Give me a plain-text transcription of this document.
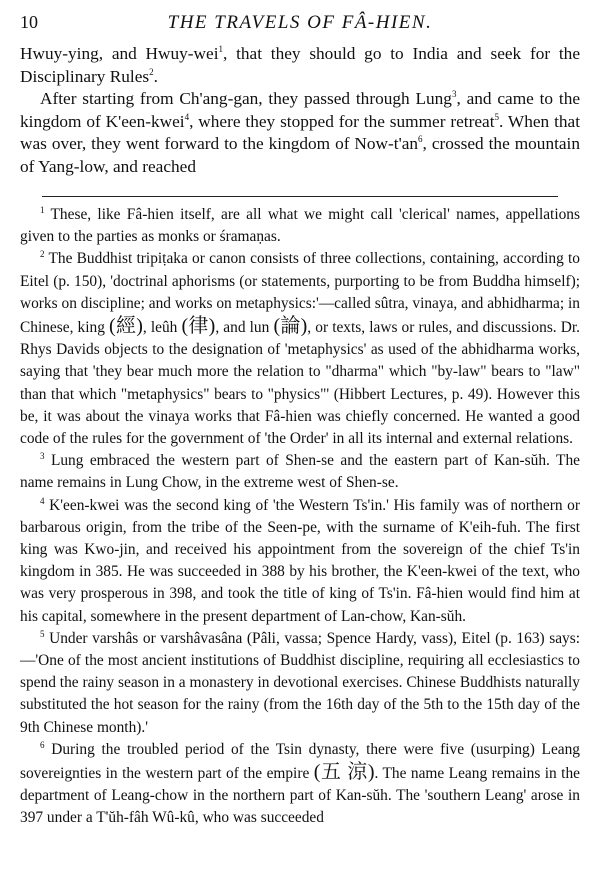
10	THE TRAVELS OF FÂ-HIEN.

Hwuy-ying, and Hwuy-wei$^1$, that they should go to India and seek for the Disciplinary Rules$^2$.

After starting from Ch'ang-gan, they passed through Lung$^3$, and came to the kingdom of K'een-kwei$^4$, where they stopped for the summer retreat$^5$. When that was over, they went forward to the kingdom of Now-$t'an^6$, crossed the mountain of Yang-low, and reached

$^1$ These, like Fâ-hien itself, are all what we might call 'clerical' names, appellations given to the parties as monks or śramaṇas.

$^2$ The Buddhist tripiṭaka or canon consists of three collections, containing, according to Eitel (p. 150), 'doctrinal aphorisms (or statements, purporting to be from Buddha himself); works on discipline; and works on metaphysics:'—called sûtra, vinaya, and abhidharma; in Chinese, king (經), leûh (律), and lun (論), or texts, laws or rules, and discussions. Dr. Rhys Davids objects to the designation of 'metaphysics' as used of the abhidharma works, saying that 'they bear much more the relation to "dharma" which "by-law" bears to "law" than that which "metaphysics" bears to "physics"' (Hibbert Lectures, p. 49). However this be, it was about the vinaya works that Fâ-hien was chiefly concerned. He wanted a good code of the rules for the government of 'the Order' in all its internal and external relations.

$^3$ Lung embraced the western part of Shen-se and the eastern part of Kan-sŭh. The name remains in Lung Chow, in the extreme west of Shen-se.

$^4$ K'een-kwei was the second king of 'the Western Ts'in.' His family was of northern or barbarous origin, from the tribe of the Seen-pe, with the surname of K'eih-fuh. The first king was Kwo-jin, and received his appointment from the sovereign of the chief Ts'in kingdom in 385. He was succeeded in 388 by his brother, the K'een-kwei of the text, who was very prosperous in 398, and took the title of king of Ts'in. Fâ-hien would find him at his capital, somewhere in the present department of Lan-chow, Kan-sŭh.

$^5$ Under varshâs or varshâvasâna (Pâli, vassa; Spence Hardy, vass), Eitel (p. 163) says:—'One of the most ancient institutions of Buddhist discipline, requiring all ecclesiastics to spend the rainy season in a monastery in devotional exercises. Chinese Buddhists naturally substituted the hot season for the rainy (from the 16th day of the 5th to the 15th day of the 9th Chinese month).'

$^6$ During the troubled period of the Tsin dynasty, there were five (usurping) Leang sovereignties in the western part of the empire (五 涼). The name Leang remains in the department of Leang-chow in the northern part of Kan-sŭh. The 'southern Leang' arose in 397 under a T'ŭh-fâh Wû-kû, who was succeeded
